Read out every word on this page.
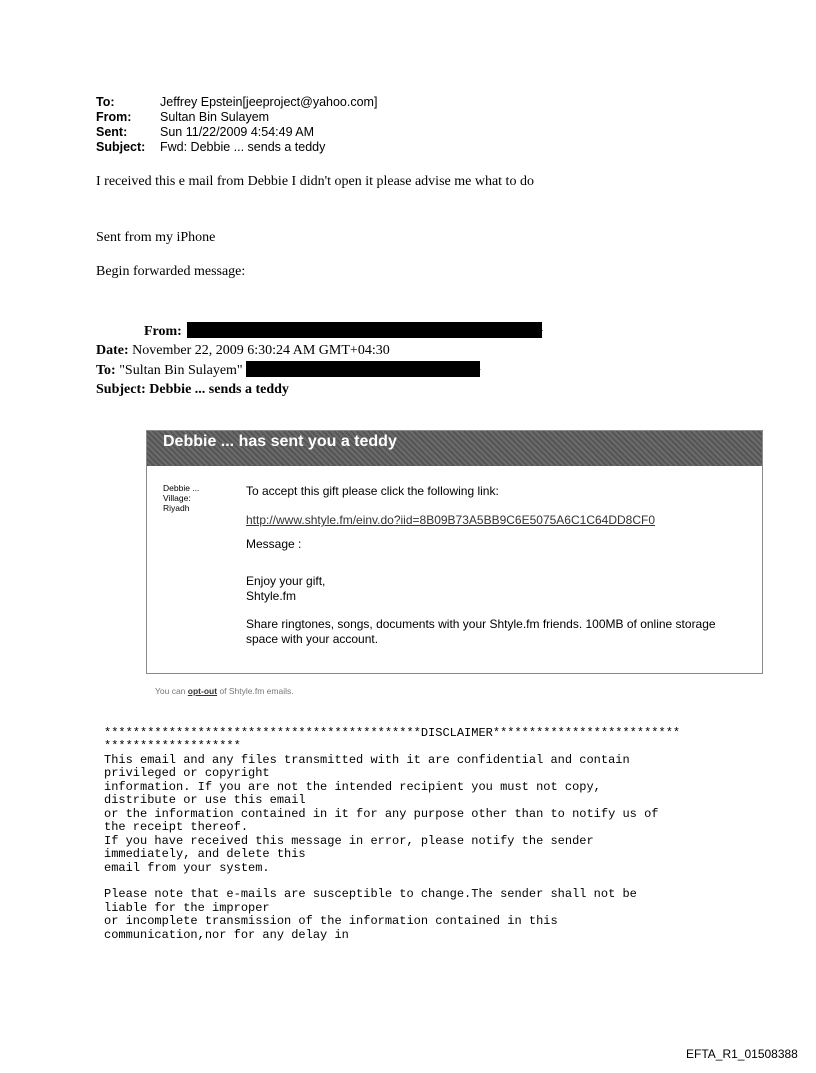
To:	Jeffrey Epstein[jeeproject@yahoo.com]
From:	Sultan Bin Sulayem
Sent:	Sun 11/22/2009 4:54:49 AM
Subject:	Fwd: Debbie ... sends a teddy
I received this e mail from Debbie I didn't open it please advise me what to do
Sent from my iPhone
Begin forwarded message:
From:	‑
Date: November 22, 2009 6:30:24 AM GMT+04:30
To: "Sultan Bin Sulayem"	‑
Subject: Debbie ... sends a teddy
Debbie ... has sent you a teddy
Debbie ...
Village:
Riyadh
To accept this gift please click the following link:
http://www.shtyle.fm/einv.do?iid=8B09B73A5BB9C6E5075A6C1C64DD8CF0
Message :
Enjoy your gift,
Shtyle.fm
Share ringtones, songs, documents with your Shtyle.fm friends. 100MB of online storage space with your account.
You can opt-out of Shtyle.fm emails.
********************************************DISCLAIMER**************************
*******************
This email and any files transmitted with it are confidential and contain
privileged or copyright
information. If you are not the intended recipient you must not copy,
distribute or use this email
or the information contained in it for any purpose other than to notify us of
the receipt thereof.
If you have received this message in error, please notify the sender
immediately, and delete this
email from your system.

Please note that e-mails are susceptible to change.The sender shall not be
liable for the improper
or incomplete transmission of the information contained in this
communication,nor for any delay in
EFTA_R1_01508388
